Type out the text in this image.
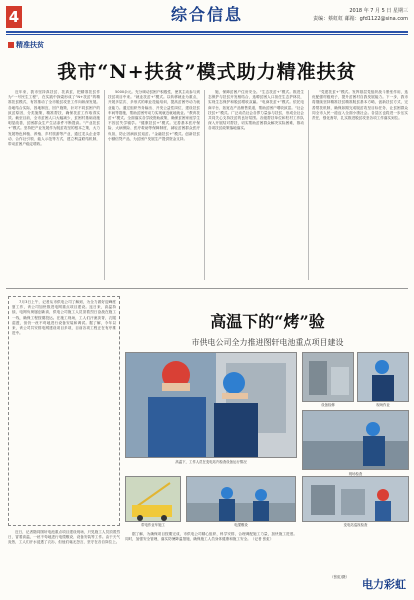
4	综合信息	2018 年 7 月 5 日 星期三
责编：蔡虹虹 邮箱：gfd1122@sina.com
精准扶贫
我市“N+扶贫”模式助力精准扶贫

近年来，我市坚持真扶贫、扶真贫，把精准扶贫作为“一号民生工程”，在实践中探索形成了“N+扶贫”的精准扶贫模式，有效推动了全市脱贫攻坚工作向纵深发展。各地结合实际，因地制宜，因户施策，针对不同贫困户的致贫原因，分类施策，精准帮扶，确保扶贫工作取得实效。截至目前，全市贫困人口大幅减少，贫困村基础设施明显改善，贫困群众生产生活条件不断提高。“产业扶贫+”模式。坚持把产业发展作为脱贫攻坚的根本之策，大力发展特色种植、养殖、乡村旅游等产业，通过龙头企业带动、合作社引领、能人示范等方式，建立利益联结机制，带动贫困户稳定增收。

5000余元。充分调动贫困户积极性，使其主动参与到扶贫项目中来。“就业扶贫+”模式。以转移就业为重点，开展多层次、多形式的职业技能培训，提高贫困劳动力就业能力。通过组织劳务输出、开发公益性岗位、建设扶贫车间等措施，帮助贫困劳动力实现就近就地就业。“教育扶贫+”模式。全面落实各学段资助政策，确保贫困家庭学生不因贫失学辍学。“健康扶贫+”模式。完善基本医疗保险、大病保险、医疗救助等保障制度，减轻贫困群众医疗负担，防止因病致贫返贫。“金融扶贫+”模式。创新扶贫小额信贷产品，为贫困户发展生产提供资金支持。

施，保障贫困户住房安全。“生态扶贫+”模式。推进生态保护与扶贫开发相结合，选聘贫困人口担任生态护林员，实现生态保护和脱贫增收双赢。“电商扶贫+”模式。依托电商平台，拓宽农产品销售渠道，帮助贫困户增收致富。“社会扶贫+”模式。广泛动员社会各界力量参与扶贫，形成全社会共同关心支持扶贫的良好氛围。各级帮扶单位和驻村工作队深入开展结对帮扶，切实帮助贫困群众解决实际困难，推动各项扶贫政策落地落实。

“党建扶贫+”模式。发挥基层党组织战斗堡垒作用，选优配强村级班子，提升贫困村自我发展能力。下一步，我市将继续坚持精准扶贫精准脱贫基本方略，创新扶贫方式，完善帮扶机制，确保如期完成脱贫攻坚目标任务，让贫困群众同全市人民一道迈入全面小康社会。各县区也将进一步压实责任，强化督导，扎实推进脱贫攻坚各项工作落实到位。

7月3日上午，记者从市供电公司了解到，为全力做好迎峰度夏工作，该公司加快推进电网重点项目建设。连日来，高温持续，电网负荷屡创新高，供电公司施工人员顶着烈日奋战在施工一线，确保工程按期投运。在施工现场，工人们汗流浃背，衣服湿透，但仍一丝不苟地进行设备安装和调试。据了解，今年以来，该公司共安排电网建设项目多项，目前各项工程正在有序推进中。

近日，记者随同图轩电池重点项目建设现场，只见施工人员顶着烈日，冒着高温，一丝不苟地进行电缆敷设、设备安装等工作。由于天气炎热，工人们汗水浸透了衣衫，但他们毫无怨言，坚守在各自岗位上。

高温下的“烤”验
市供电公司全力推进图轩电池重点项目建设
高温下，工作人员在变电站内检查设备运行情况
设备检修	现场作业
现场检查
带电作业车施工	电缆敷设	变电站巡视检查

据了解，为确保项目按期完成，市供电公司精心组织、科学安排，合理调配施工力量，加快施工进度。同时，加强安全管理，落实防暑降温措施，确保施工人员身体健康和施工安全。（记者 张虹）

（张虹/摄）
电力彩虹
